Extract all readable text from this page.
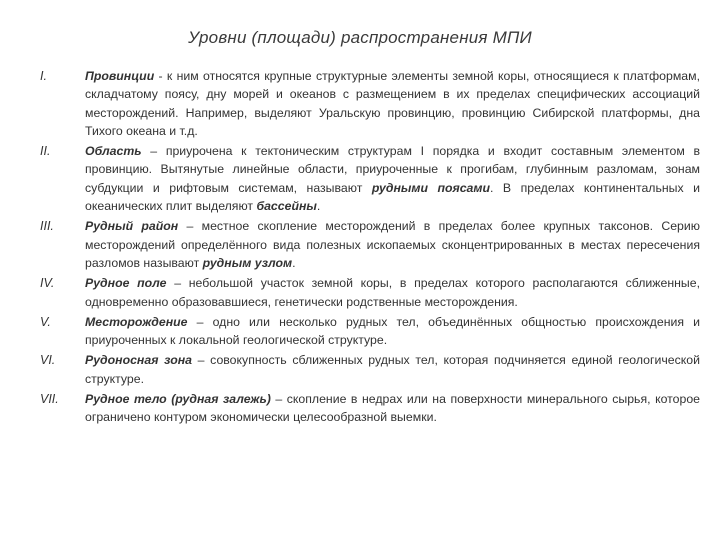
Уровни (площади) распространения МПИ
I.	Провинции - к ним относятся крупные структурные элементы земной коры, относящиеся к платформам, складчатому поясу, дну морей и океанов с размещением в их пределах специфических ассоциаций месторождений. Например, выделяют Уральскую провинцию, провинцию Сибирской платформы, дна Тихого океана и т.д.
II.	Область – приурочена к тектоническим структурам I порядка и входит составным элементом в провинцию. Вытянутые линейные области, приуроченные к прогибам, глубинным разломам, зонам субдукции и рифтовым системам, называют рудными поясами. В пределах континентальных и океанических плит выделяют бассейны.
III.	Рудный район – местное скопление месторождений в пределах более крупных таксонов. Серию месторождений определённого вида полезных ископаемых сконцентрированных в местах пересечения разломов называют рудным узлом.
IV.	Рудное поле – небольшой участок земной коры, в пределах которого располагаются сближенные, одновременно образовавшиеся, генетически родственные месторождения.
V.	Месторождение – одно или несколько рудных тел, объединённых общностью происхождения и приуроченных к локальной геологической структуре.
VI.	Рудоносная зона – совокупность сближенных рудных тел, которая подчиняется единой геологической структуре.
VII.	Рудное тело (рудная залежь) – скопление в недрах или на поверхности минерального сырья, которое ограничено контуром экономически целесообразной выемки.
